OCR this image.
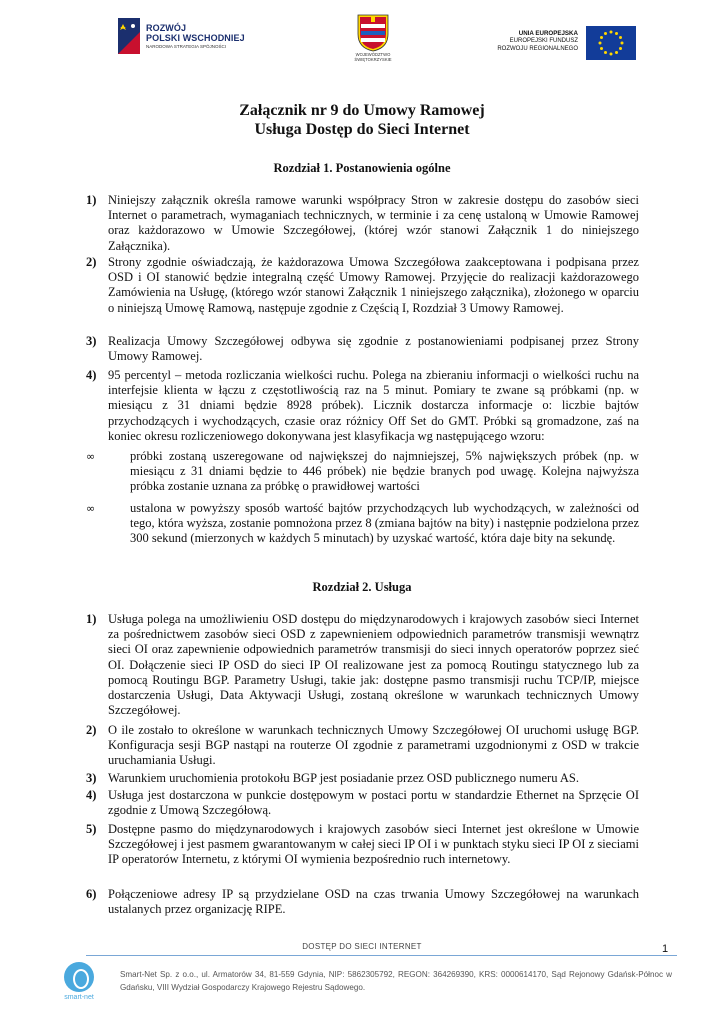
ROZWÓJ
POLSKI WSCHODNIEJ
NARODOWA STRATEGIA SPÓJNOŚCI
WOJEWÓDZTWO
ŚWIĘTOKRZYSKIE
UNIA EUROPEJSKA
EUROPEJSKI FUNDUSZ
ROZWOJU REGIONALNEGO
Załącznik nr 9 do Umowy Ramowej
Usługa Dostęp do Sieci Internet
Rozdział 1. Postanowienia ogólne
1) Niniejszy załącznik określa ramowe warunki współpracy Stron w zakresie dostępu do zasobów sieci Internet o parametrach, wymaganiach technicznych, w terminie i za cenę ustaloną w Umowie Ramowej oraz każdorazowo w Umowie Szczegółowej, (której wzór stanowi Załącznik 1 do niniejszego Załącznika).
2) Strony zgodnie oświadczają, że każdorazowa Umowa Szczegółowa zaakceptowana i podpisana przez OSD i OI stanowić będzie integralną część Umowy Ramowej. Przyjęcie do realizacji każdorazowego Zamówienia na Usługę, (którego wzór stanowi Załącznik 1 niniejszego załącznika), złożonego w oparciu o niniejszą Umowę Ramową, następuje zgodnie z Częścią I, Rozdział 3 Umowy Ramowej.
3) Realizacja Umowy Szczegółowej odbywa się zgodnie z postanowieniami podpisanej przez Strony Umowy Ramowej.
4) 95 percentyl – metoda rozliczania wielkości ruchu. Polega na zbieraniu informacji o wielkości ruchu na interfejsie klienta w łączu z częstotliwością raz na 5 minut. Pomiary te zwane są próbkami (np. w miesiącu z 31 dniami będzie 8928 próbek). Licznik dostarcza informacje o: liczbie bajtów przychodzących i wychodzących, czasie oraz różnicy Off Set do GMT. Próbki są gromadzone, zaś na koniec okresu rozliczeniowego dokonywana jest klasyfikacja wg następującego wzoru:
∞	próbki zostaną uszeregowane od największej do najmniejszej, 5% największych próbek (np. w miesiącu z 31 dniami będzie to 446 próbek) nie będzie branych pod uwagę. Kolejna najwyższa próbka zostanie uznana za próbkę o prawidłowej wartości
∞	ustalona w powyższy sposób wartość bajtów przychodzących lub wychodzących, w zależności od tego, która wyższa, zostanie pomnożona przez 8 (zmiana bajtów na bity) i następnie podzielona przez 300 sekund (mierzonych w każdych 5 minutach) by uzyskać wartość, która daje bity na sekundę.
Rozdział 2. Usługa
1) Usługa polega na umożliwieniu OSD dostępu do międzynarodowych i krajowych zasobów sieci Internet za pośrednictwem zasobów sieci OSD z zapewnieniem odpowiednich parametrów transmisji wewnątrz sieci OI oraz zapewnienie odpowiednich parametrów transmisji do sieci innych operatorów poprzez sieć OI. Dołączenie sieci IP OSD do sieci IP OI realizowane jest za pomocą Routingu statycznego lub za pomocą Routingu BGP. Parametry Usługi, takie jak: dostępne pasmo transmisji ruchu TCP/IP, miejsce dostarczenia Usługi, Data Aktywacji Usługi, zostaną określone w warunkach technicznych Umowy Szczegółowej.
2) O ile zostało to określone w warunkach technicznych Umowy Szczegółowej OI uruchomi usługę BGP. Konfiguracja sesji BGP nastąpi na routerze OI zgodnie z parametrami uzgodnionymi z OSD w trakcie uruchamiania Usługi.
3) Warunkiem uruchomienia protokołu BGP jest posiadanie przez OSD publicznego numeru AS.
4) Usługa jest dostarczona w punkcie dostępowym w postaci portu w standardzie Ethernet na Sprzęcie OI zgodnie z Umową Szczegółową.
5) Dostępne pasmo do międzynarodowych i krajowych zasobów sieci Internet jest określone w Umowie Szczegółowej i jest pasmem gwarantowanym w całej sieci IP OI i w punktach styku sieci IP OI z sieciami IP operatorów Internetu, z którymi OI wymienia bezpośrednio ruch internetowy.
6) Połączeniowe adresy IP są przydzielane OSD na czas trwania Umowy Szczegółowej na warunkach ustalanych przez organizację RIPE.
DOSTĘP DO SIECI INTERNET	1
smart-net
Smart-Net Sp. z o.o., ul. Armatorów 34, 81-559 Gdynia, NIP: 5862305792, REGON: 364269390, KRS: 0000614170, Sąd Rejonowy Gdańsk-Północ w Gdańsku, VIII Wydział Gospodarczy Krajowego Rejestru Sądowego.
